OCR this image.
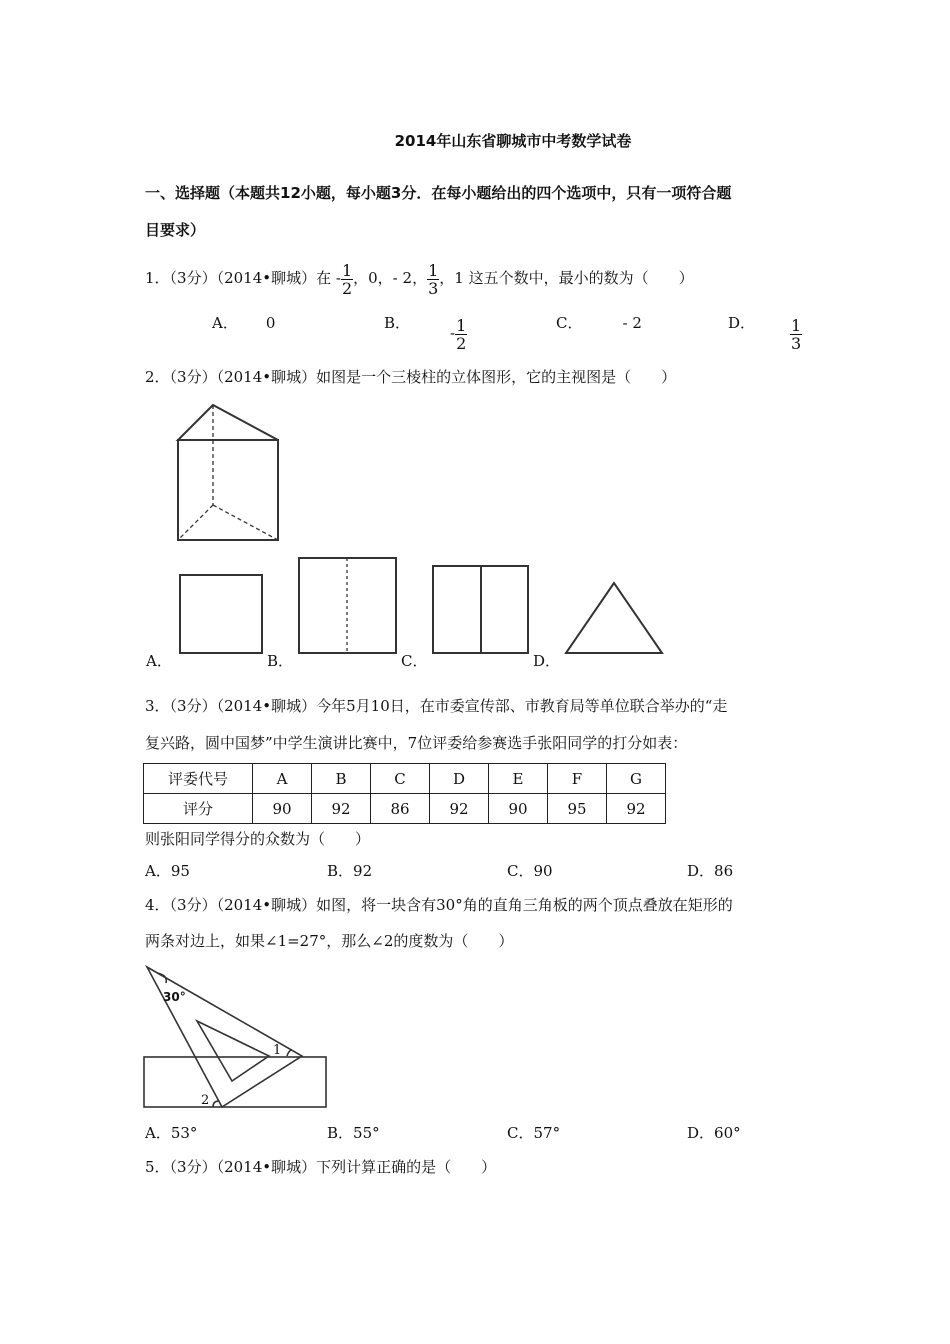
2014年山东省聊城市中考数学试卷
一、选择题（本题共12小题，每小题3分．在每小题给出的四个选项中，只有一项符合题
目要求）
1．（3分）（2014•聊城）在 - $\frac{1}{2}$ ，0，- 2， $\frac{1}{3}$ ，1 这五个数中，最小的数为（　　）
A． 0	B．
- $\frac{1}{2}$	C．	- 2	D． $\frac{1}{3}$
2．（3分）（2014•聊城）如图是一个三棱柱的立体图形，它的主视图是（　　）
A．	B．	C．	D．
3．（3分）（2014•聊城）今年5月10日，在市委宣传部、市教育局等单位联合举办的“走
复兴路，圆中国梦”中学生演讲比赛中，7位评委给参赛选手张阳同学的打分如表：
评委代号	A	B	C	D	E	F	G
评分	90	92	86	92	90	95	92
则张阳同学得分的众数为（　　）
A．95	B．92	C．90	D．86
4．（3分）（2014•聊城）如图，将一块含有30°角的直角三角板的两个顶点叠放在矩形的
两条对边上，如果∠1=27°，那么∠2的度数为（　　）
30°
1
2
A．53°	B．55°	C．57°	D．60°
5．（3分）（2014•聊城）下列计算正确的是（　　）
